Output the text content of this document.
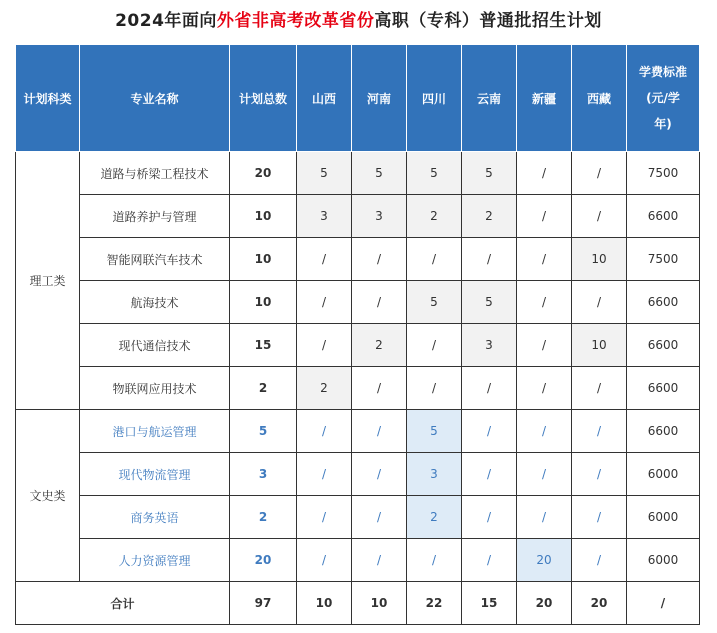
2024年面向外省非高考改革省份高职（专科）普通批招生计划
计划科类	专业名称	计划总数	山西	河南	四川	云南	新疆	西藏	学费标准
(元/学
年)

理工类	道路与桥梁工程技术	20	5	5	5	5	/	/	7500
	道路养护与管理	10	3	3	2	2	/	/	6600
	智能网联汽车技术	10	/	/	/	/	/	10	7500
	航海技术	10	/	/	5	5	/	/	6600
	现代通信技术	15	/	2	/	3	/	10	6600
	物联网应用技术	2	2	/	/	/	/	/	6600
文史类	港口与航运管理	5	/	/	5	/	/	/	6600
	现代物流管理	3	/	/	3	/	/	/	6000
	商务英语	2	/	/	2	/	/	/	6000
	人力资源管理	20	/	/	/	/	20	/	6000
合计		97	10	10	22	15	20	20	/
